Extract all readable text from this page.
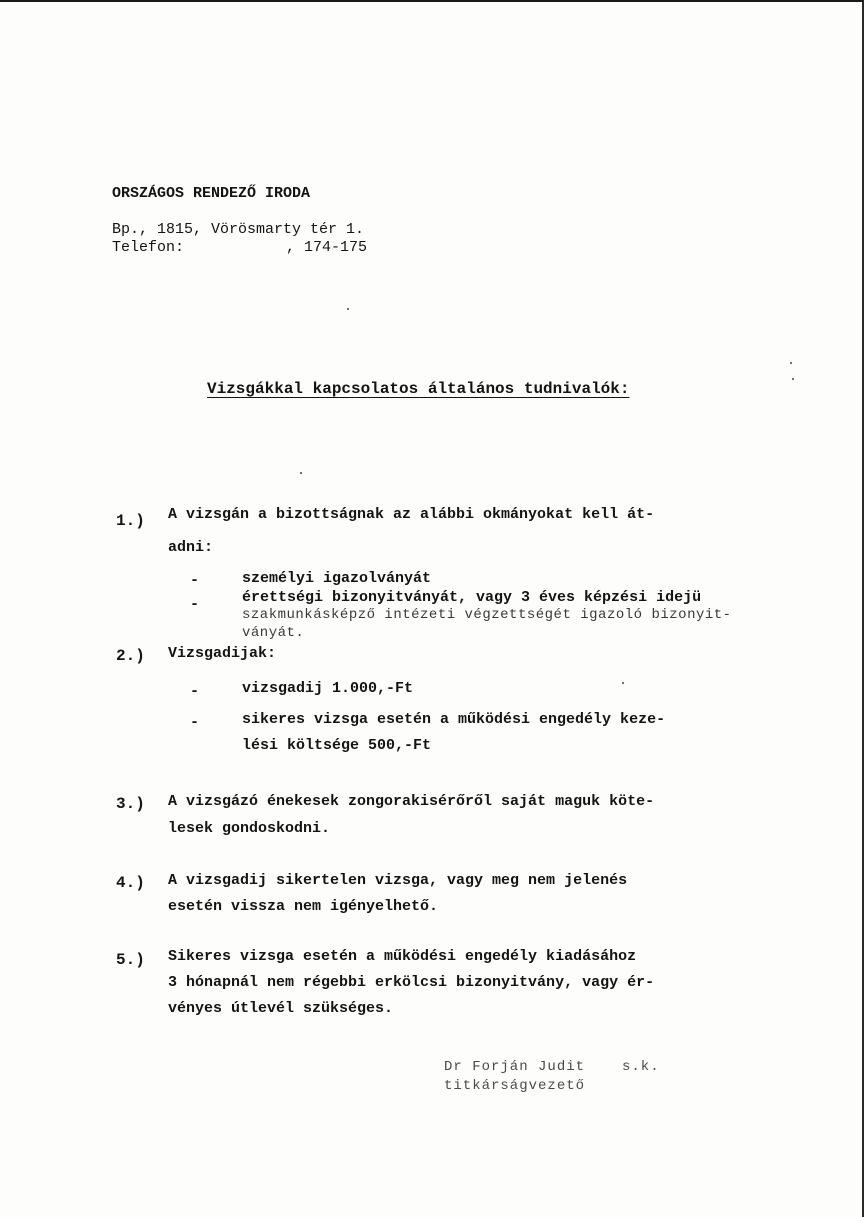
ORSZÁGOS RENDEZŐ IRODA
Bp., 1815, Vörösmarty tér 1.
Telefon:	, 174-175
Vizsgákkal kapcsolatos általános tudnivalók:
1.) A vizsgán a bizottságnak az alábbi okmányokat kell át-
adni:
-	személyi igazolványát
-	érettségi bizonyitványát, vagy 3 éves képzési idejü
szakmunkásképző intézeti végzettségét igazoló bizonyit-
ványát.
2.) Vizsgadijak:
-	vizsgadij 1.000,-Ft
-	sikeres vizsga esetén a működési engedély keze-
lési költsége 500,-Ft
3.) A vizsgázó énekesek zongorakisérőről saját maguk köte-
lesek gondoskodni.
4.) A vizsgadij sikertelen vizsga, vagy meg nem jelenés
esetén vissza nem igényelhető.
5.) Sikeres vizsga esetén a működési engedély kiadásához
3 hónapnál nem régebbi erkölcsi bizonyitvány, vagy ér-
vényes útlevél szükséges.
Dr Forján Judit	s.k.
titkárságvezető
